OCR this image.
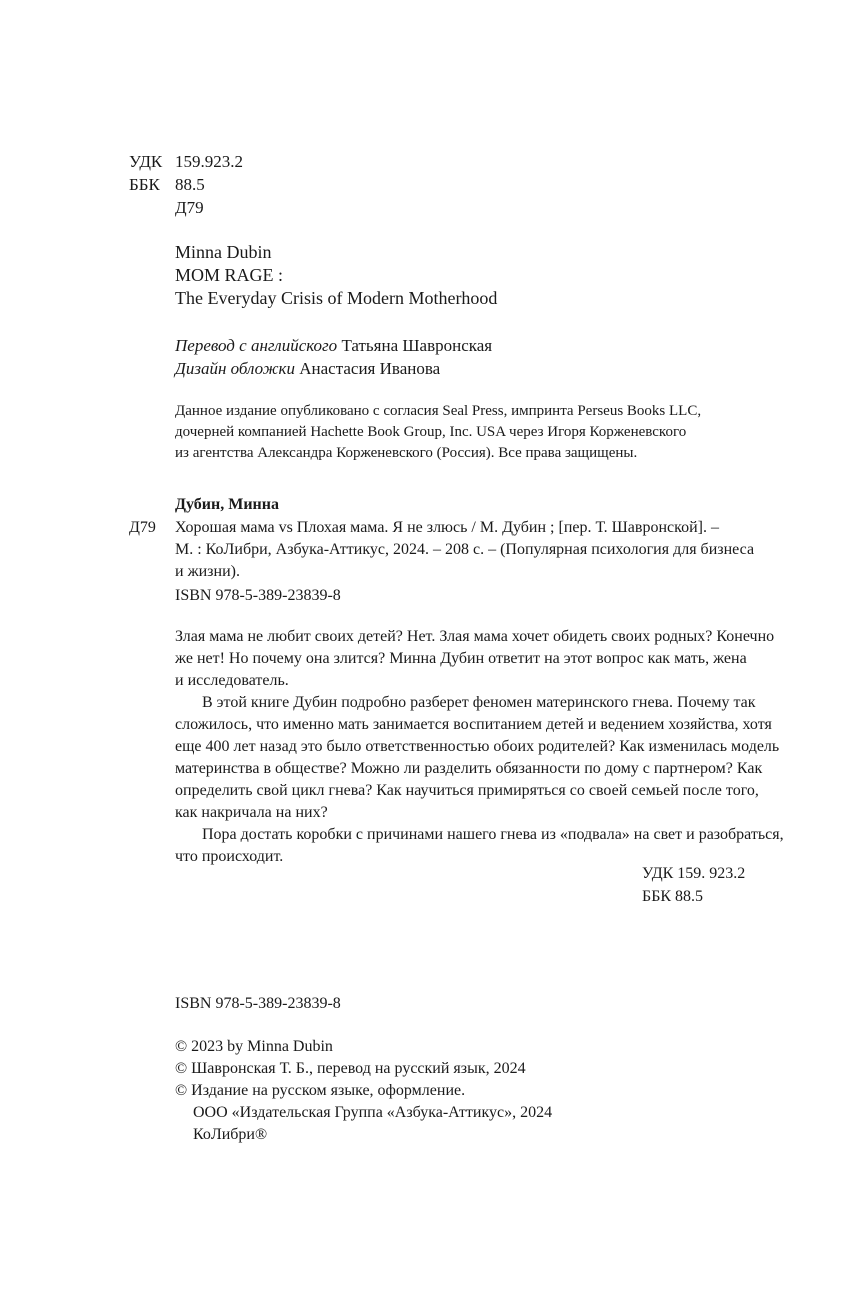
УДК 159.923.2
ББК 88.5
Д79
Minna Dubin
MOM RAGE :
The Everyday Crisis of Modern Motherhood
Перевод с английского Татьяна Шавронская
Дизайн обложки Анастасия Иванова
Данное издание опубликовано с согласия Seal Press, импринта Perseus Books LLC,
дочерней компанией Hachette Book Group, Inc. USA через Игоря Корженевского
из агентства Александра Корженевского (Россия). Все права защищены.
Дубин, Минна
Д79 Хорошая мама vs Плохая мама. Я не злюсь / М. Дубин ; [пер. Т. Шавронской]. –
М. : КоЛибри, Азбука-Аттикус, 2024. – 208 с. – (Популярная психология для бизнеса
и жизни).
ISBN 978-5-389-23839-8
Злая мама не любит своих детей? Нет. Злая мама хочет обидеть своих родных? Конечно
же нет! Но почему она злится? Минна Дубин ответит на этот вопрос как мать, жена
и исследователь.
В этой книге Дубин подробно разберет феномен материнского гнева. Почему так
сложилось, что именно мать занимается воспитанием детей и ведением хозяйства, хотя
еще 400 лет назад это было ответственностью обоих родителей? Как изменилась модель
материнства в обществе? Можно ли разделить обязанности по дому с партнером? Как
определить свой цикл гнева? Как научиться примиряться со своей семьей после того,
как накричала на них?
Пора достать коробки с причинами нашего гнева из «подвала» на свет и разобраться,
что происходит.
УДК 159. 923.2
ББК 88.5
ISBN 978-5-389-23839-8
© 2023 by Minna Dubin
© Шавронская Т. Б., перевод на русский язык, 2024
© Издание на русском языке, оформление.
ООО «Издательская Группа «Азбука-Аттикус», 2024
КоЛибри®
